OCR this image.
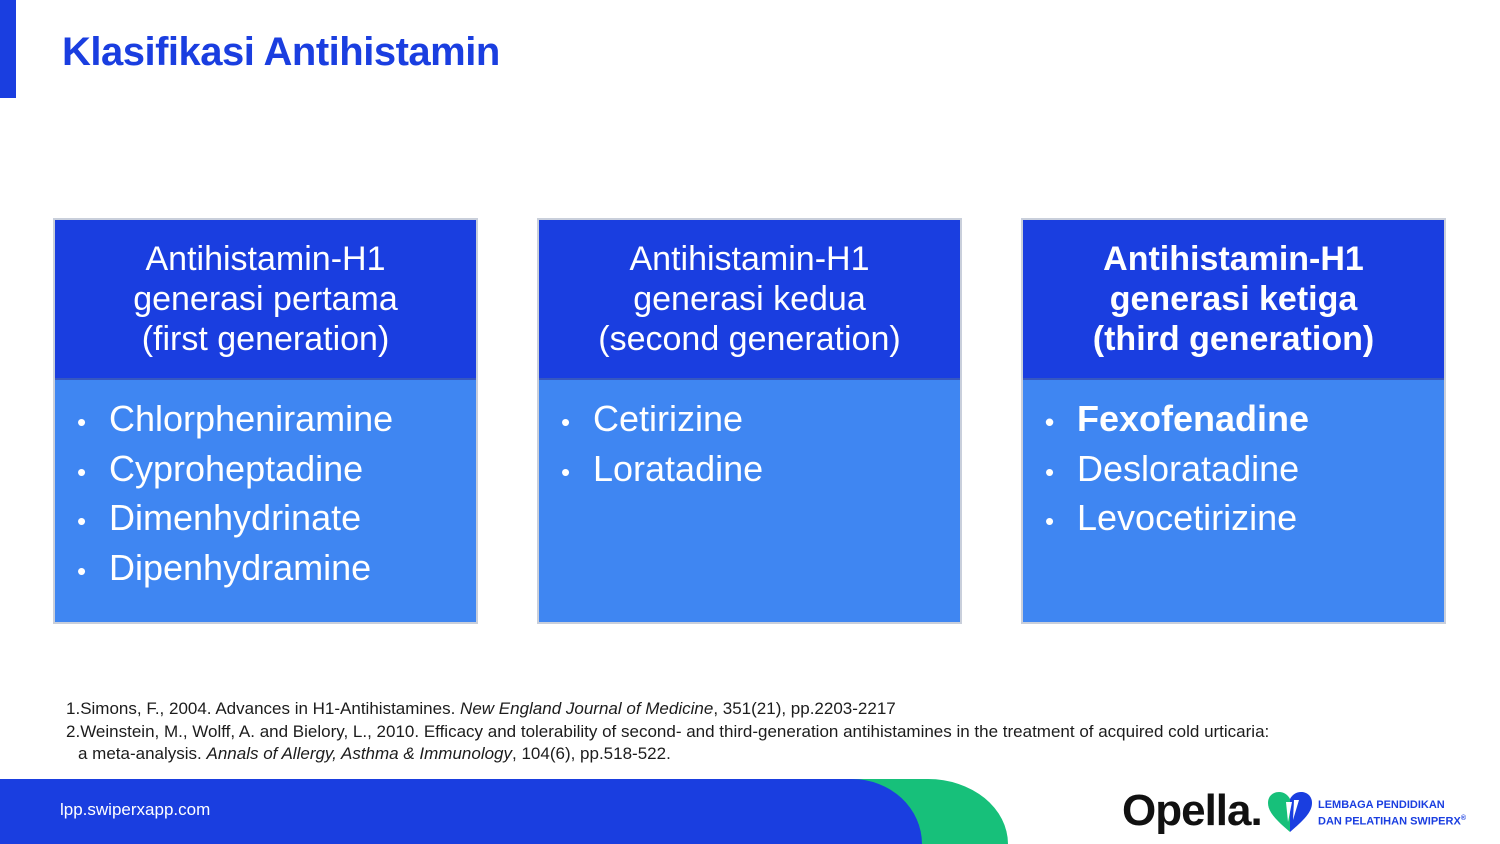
Klasifikasi Antihistamin
Antihistamin-H1
generasi pertama
(first generation)
• Chlorpheniramine
• Cyproheptadine
• Dimenhydrinate
• Dipenhydramine
Antihistamin-H1
generasi kedua
(second generation)
• Cetirizine
• Loratadine
Antihistamin-H1
generasi ketiga
(third generation)
• Fexofenadine
• Desloratadine
• Levocetirizine
1.Simons, F., 2004. Advances in H1-Antihistamines. New England Journal of Medicine, 351(21), pp.2203-2217
2.Weinstein, M., Wolff, A. and Bielory, L., 2010. Efficacy and tolerability of second- and third-generation antihistamines in the treatment of acquired cold urticaria:
a meta-analysis. Annals of Allergy, Asthma & Immunology, 104(6), pp.518-522.
lpp.swiperxapp.com	Opella.	LEMBAGA PENDIDIKAN
DAN PELATIHAN SWIPERX®
